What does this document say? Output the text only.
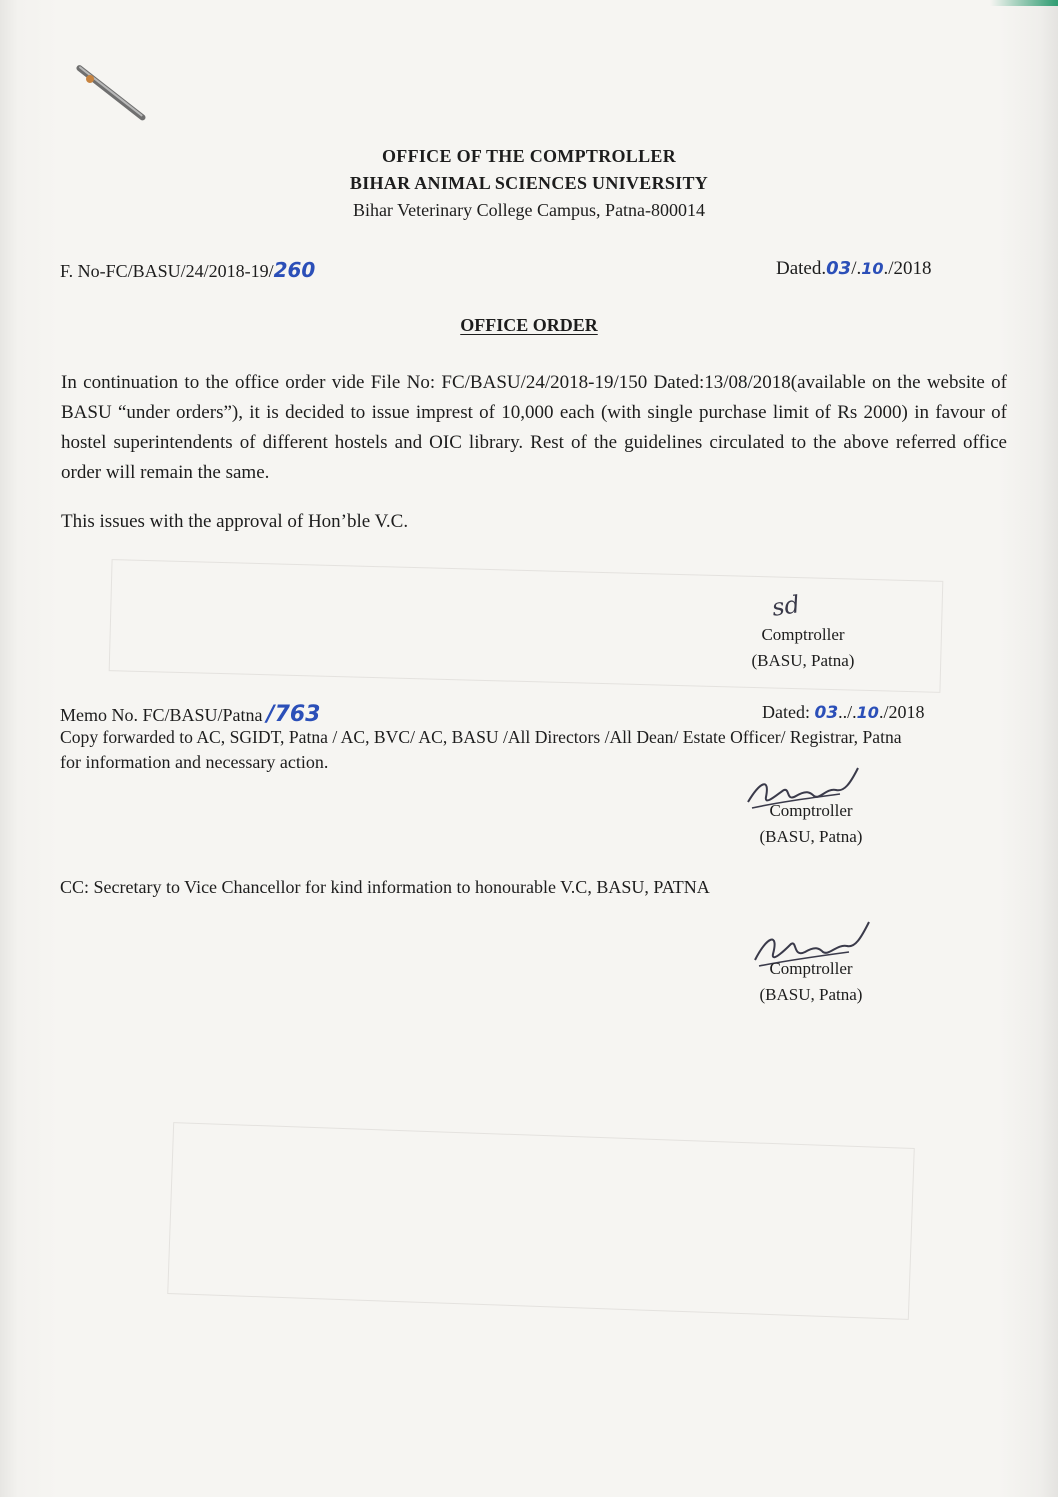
OFFICE OF THE COMPTROLLER
BIHAR ANIMAL SCIENCES UNIVERSITY
Bihar Veterinary College Campus, Patna-800014
F. No-FC/BASU/24/2018-19/260	Dated.03/.10./2018
OFFICE ORDER

In continuation to the office order vide File No: FC/BASU/24/2018-19/150 Dated:13/08/2018(available on the website of BASU “under orders”), it is decided to issue imprest of 10,000 each (with single purchase limit of Rs 2000) in favour of hostel superintendents of different hostels and OIC library. Rest of the guidelines circulated to the above referred office order will remain the same.

This issues with the approval of Hon’ble V.C.
sd
Comptroller
(BASU, Patna)
Memo No. FC/BASU/Patna /763	Dated: 03../.10./2018
Copy forwarded to AC, SGIDT, Patna / AC, BVC/ AC, BASU /All Directors /All Dean/ Estate Officer/ Registrar, Patna
for information and necessary action.
Comptroller
(BASU, Patna)
CC: Secretary to Vice Chancellor for kind information to honourable V.C, BASU, PATNA
Comptroller
(BASU, Patna)
